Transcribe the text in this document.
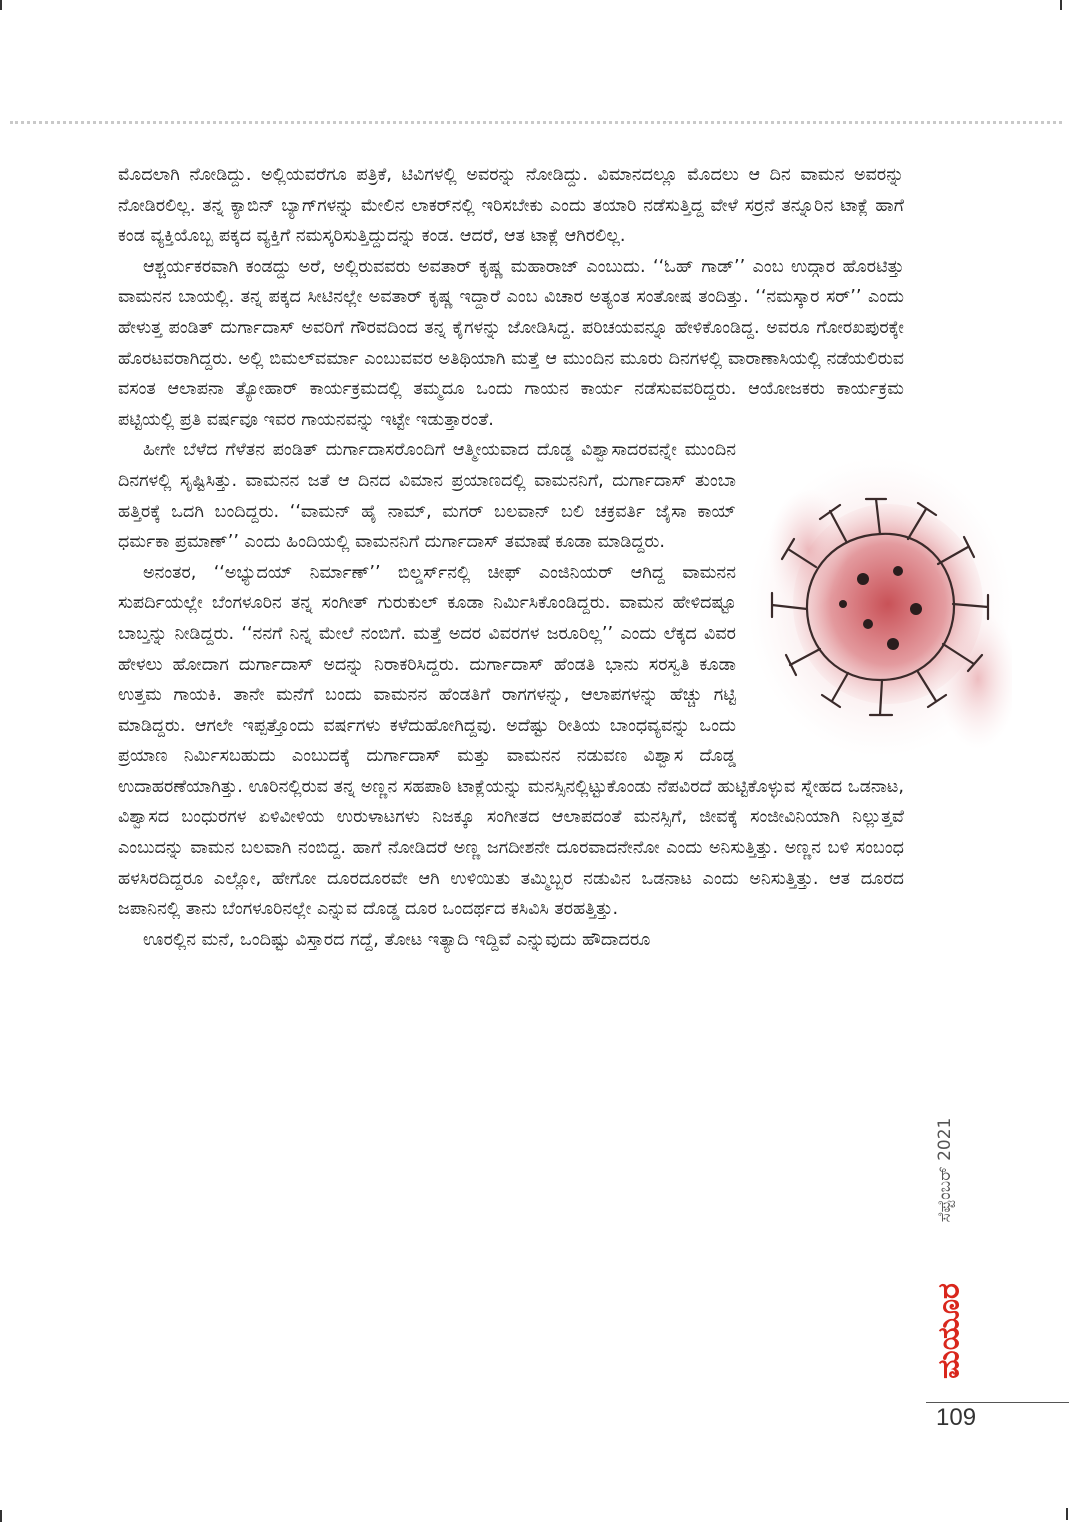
ಮೊದಲಾಗಿ ನೋಡಿದ್ದು. ಅಲ್ಲಿಯವರೆಗೂ ಪತ್ರಿಕೆ, ಟಿವಿಗಳಲ್ಲಿ ಅವರನ್ನು ನೋಡಿದ್ದು. ವಿಮಾನದಲ್ಲೂ ಮೊದಲು ಆ ದಿನ ವಾಮನ ಅವರನ್ನು ನೋಡಿರಲಿಲ್ಲ. ತನ್ನ ಕ್ಯಾಬಿನ್ ಬ್ಯಾಗ್‌ಗಳನ್ನು ಮೇಲಿನ ಲಾಕರ್‌ನಲ್ಲಿ ಇರಿಸಬೇಕು ಎಂದು ತಯಾರಿ ನಡೆಸುತ್ತಿದ್ದ ವೇಳೆ ಸರ್ರನೆ ತನ್ನೂರಿನ ಟಾಕ್ಲೆ ಹಾಗೆ ಕಂಡ ವ್ಯಕ್ತಿಯೊಬ್ಬ ಪಕ್ಕದ ವ್ಯಕ್ತಿಗೆ ನಮಸ್ಕರಿಸುತ್ತಿದ್ದುದನ್ನು ಕಂಡ. ಆದರೆ, ಆತ ಟಾಕ್ಲೆ ಆಗಿರಲಿಲ್ಲ.

ಆಶ್ಚರ್ಯಕರವಾಗಿ ಕಂಡದ್ದು ಅರೆ, ಅಲ್ಲಿರುವವರು ಅವತಾರ್ ಕೃಷ್ಣ ಮಹಾರಾಜ್ ಎಂಬುದು. ‘‘ಓಹ್ ಗಾಡ್’’ ಎಂಬ ಉದ್ಗಾರ ಹೊರಟಿತ್ತು ವಾಮನನ ಬಾಯಲ್ಲಿ. ತನ್ನ ಪಕ್ಕದ ಸೀಟಿನಲ್ಲೇ ಅವತಾರ್ ಕೃಷ್ಣ ಇದ್ದಾರೆ ಎಂಬ ವಿಚಾರ ಅತ್ಯಂತ ಸಂತೋಷ ತಂದಿತ್ತು. ‘‘ನಮಸ್ಕಾರ ಸರ್’’ ಎಂದು ಹೇಳುತ್ತ ಪಂಡಿತ್ ದುರ್ಗಾದಾಸ್ ಅವರಿಗೆ ಗೌರವದಿಂದ ತನ್ನ ಕೈಗಳನ್ನು ಜೋಡಿಸಿದ್ದ. ಪರಿಚಯವನ್ನೂ ಹೇಳಿಕೊಂಡಿದ್ದ. ಅವರೂ ಗೋರಖಪುರಕ್ಕೇ ಹೊರಟವರಾಗಿದ್ದರು. ಅಲ್ಲಿ ಬಿಮಲ್‌ವರ್ಮಾ ಎಂಬುವವರ ಅತಿಥಿಯಾಗಿ ಮತ್ತೆ ಆ ಮುಂದಿನ ಮೂರು ದಿನಗಳಲ್ಲಿ ವಾರಾಣಾಸಿಯಲ್ಲಿ ನಡೆಯಲಿರುವ ವಸಂತ ಆಲಾಪನಾ ತ್ಯೋಹಾರ್ ಕಾರ್ಯಕ್ರಮದಲ್ಲಿ ತಮ್ಮದೂ ಒಂದು ಗಾಯನ ಕಾರ್ಯ ನಡೆಸುವವರಿದ್ದರು. ಆಯೋಜಕರು ಕಾರ್ಯಕ್ರಮ ಪಟ್ಟಿಯಲ್ಲಿ ಪ್ರತಿ ವರ್ಷವೂ ಇವರ ಗಾಯನವನ್ನು ಇಟ್ಟೇ ಇಡುತ್ತಾರಂತೆ.

ಹೀಗೇ ಬೆಳೆದ ಗೆಳೆತನ ಪಂಡಿತ್ ದುರ್ಗಾದಾಸರೊಂದಿಗೆ ಆತ್ಮೀಯವಾದ ದೊಡ್ಡ ವಿಶ್ವಾಸಾದರವನ್ನೇ ಮುಂದಿನ ದಿನಗಳಲ್ಲಿ ಸೃಷ್ಟಿಸಿತ್ತು. ವಾಮನನ ಜತೆ ಆ ದಿನದ ವಿಮಾನ ಪ್ರಯಾಣದಲ್ಲಿ ವಾಮನನಿಗೆ, ದುರ್ಗಾದಾಸ್ ತುಂಬಾ ಹತ್ತಿರಕ್ಕೆ ಒದಗಿ ಬಂದಿದ್ದರು. ‘‘ವಾಮನ್ ಹೈ ನಾಮ್, ಮಗರ್ ಬಲವಾನ್ ಬಲಿ ಚಕ್ರವರ್ತಿ ಜೈಸಾ ಕಾಯ್ ಧರ್ಮಕಾ ಪ್ರಮಾಣ್’’ ಎಂದು ಹಿಂದಿಯಲ್ಲಿ ವಾಮನನಿಗೆ ದುರ್ಗಾದಾಸ್ ತಮಾಷೆ ಕೂಡಾ ಮಾಡಿದ್ದರು.

ಅನಂತರ, ‘‘ಅಭ್ಯುದಯ್ ನಿರ್ಮಾಣ್’’ ಬಿಲ್ಡರ್ಸ್‌ನಲ್ಲಿ ಚೀಫ್ ಎಂಜಿನಿಯರ್ ಆಗಿದ್ದ ವಾಮನನ ಸುಪರ್ದಿಯಲ್ಲೇ ಬೆಂಗಳೂರಿನ ತನ್ನ ಸಂಗೀತ್ ಗುರುಕುಲ್ ಕೂಡಾ ನಿರ್ಮಿಸಿಕೊಂಡಿದ್ದರು. ವಾಮನ ಹೇಳಿದಷ್ಟೂ ಬಾಬ್ತನ್ನು ನೀಡಿದ್ದರು. ‘‘ನನಗೆ ನಿನ್ನ ಮೇಲೆ ನಂಬಿಗೆ. ಮತ್ತೆ ಅದರ ವಿವರಗಳ ಜರೂರಿಲ್ಲ’’ ಎಂದು ಲೆಕ್ಕದ ವಿವರ ಹೇಳಲು ಹೋದಾಗ ದುರ್ಗಾದಾಸ್ ಅದನ್ನು ನಿರಾಕರಿಸಿದ್ದರು. ದುರ್ಗಾದಾಸ್ ಹೆಂಡತಿ ಭಾನು ಸರಸ್ವತಿ ಕೂಡಾ ಉತ್ತಮ ಗಾಯಕಿ. ತಾನೇ ಮನೆಗೆ ಬಂದು ವಾಮನನ ಹೆಂಡತಿಗೆ ರಾಗಗಳನ್ನು, ಆಲಾಪಗಳನ್ನು ಹೆಚ್ಚು ಗಟ್ಟಿ ಮಾಡಿದ್ದರು. ಆಗಲೇ ಇಪ್ಪತ್ತೊಂದು ವರ್ಷಗಳು ಕಳೆದುಹೋಗಿದ್ದವು. ಅದೆಷ್ಟು ರೀತಿಯ ಬಾಂಧವ್ಯವನ್ನು ಒಂದು ಪ್ರಯಾಣ ನಿರ್ಮಿಸಬಹುದು ಎಂಬುದಕ್ಕೆ ದುರ್ಗಾದಾಸ್ ಮತ್ತು ವಾಮನನ ನಡುವಣ ವಿಶ್ವಾಸ ದೊಡ್ಡ ಉದಾಹರಣೆಯಾಗಿತ್ತು. ಊರಿನಲ್ಲಿರುವ ತನ್ನ ಅಣ್ಣನ ಸಹಪಾಠಿ ಟಾಕ್ಲೆಯನ್ನು ಮನಸ್ಸಿನಲ್ಲಿಟ್ಟುಕೊಂಡು ನೆಪವಿರದೆ ಹುಟ್ಟಿಕೊಳ್ಳುವ ಸ್ನೇಹದ ಒಡನಾಟ, ವಿಶ್ವಾಸದ ಬಂಧುರಗಳ ಏಳಿವೀಳಿಯ ಉರುಳಾಟಗಳು ನಿಜಕ್ಕೂ ಸಂಗೀತದ ಆಲಾಪದಂತೆ ಮನಸ್ಸಿಗೆ, ಜೀವಕ್ಕೆ ಸಂಜೀವಿನಿಯಾಗಿ ನಿಲ್ಲುತ್ತವೆ ಎಂಬುದನ್ನು ವಾಮನ ಬಲವಾಗಿ ನಂಬಿದ್ದ. ಹಾಗೆ ನೋಡಿದರೆ ಅಣ್ಣ ಜಗದೀಶನೇ ದೂರವಾದನೇನೋ ಎಂದು ಅನಿಸುತ್ತಿತ್ತು. ಅಣ್ಣನ ಬಳಿ ಸಂಬಂಧ ಹಳಸಿರದಿದ್ದರೂ ಎಲ್ಲೋ, ಹೇಗೋ ದೂರದೂರವೇ ಆಗಿ ಉಳಿಯಿತು ತಮ್ಮಿಬ್ಬರ ನಡುವಿನ ಒಡನಾಟ ಎಂದು ಅನಿಸುತ್ತಿತ್ತು. ಆತ ದೂರದ ಜಪಾನಿನಲ್ಲಿ ತಾನು ಬೆಂಗಳೂರಿನಲ್ಲೇ ಎನ್ನುವ ದೊಡ್ಡ ದೂರ ಒಂದರ್ಥದ ಕಸಿವಿಸಿ ತರಹತ್ತಿತ್ತು.

ಊರಲ್ಲಿನ ಮನೆ, ಒಂದಿಷ್ಟು ವಿಸ್ತಾರದ ಗದ್ದೆ, ತೋಟ ಇತ್ಯಾದಿ ಇದ್ದಿವೆ ಎನ್ನುವುದು ಹೌದಾದರೂ

ಸೆಪ್ಟೆಂಬರ್ 2021
ಮಯೂರ
109
